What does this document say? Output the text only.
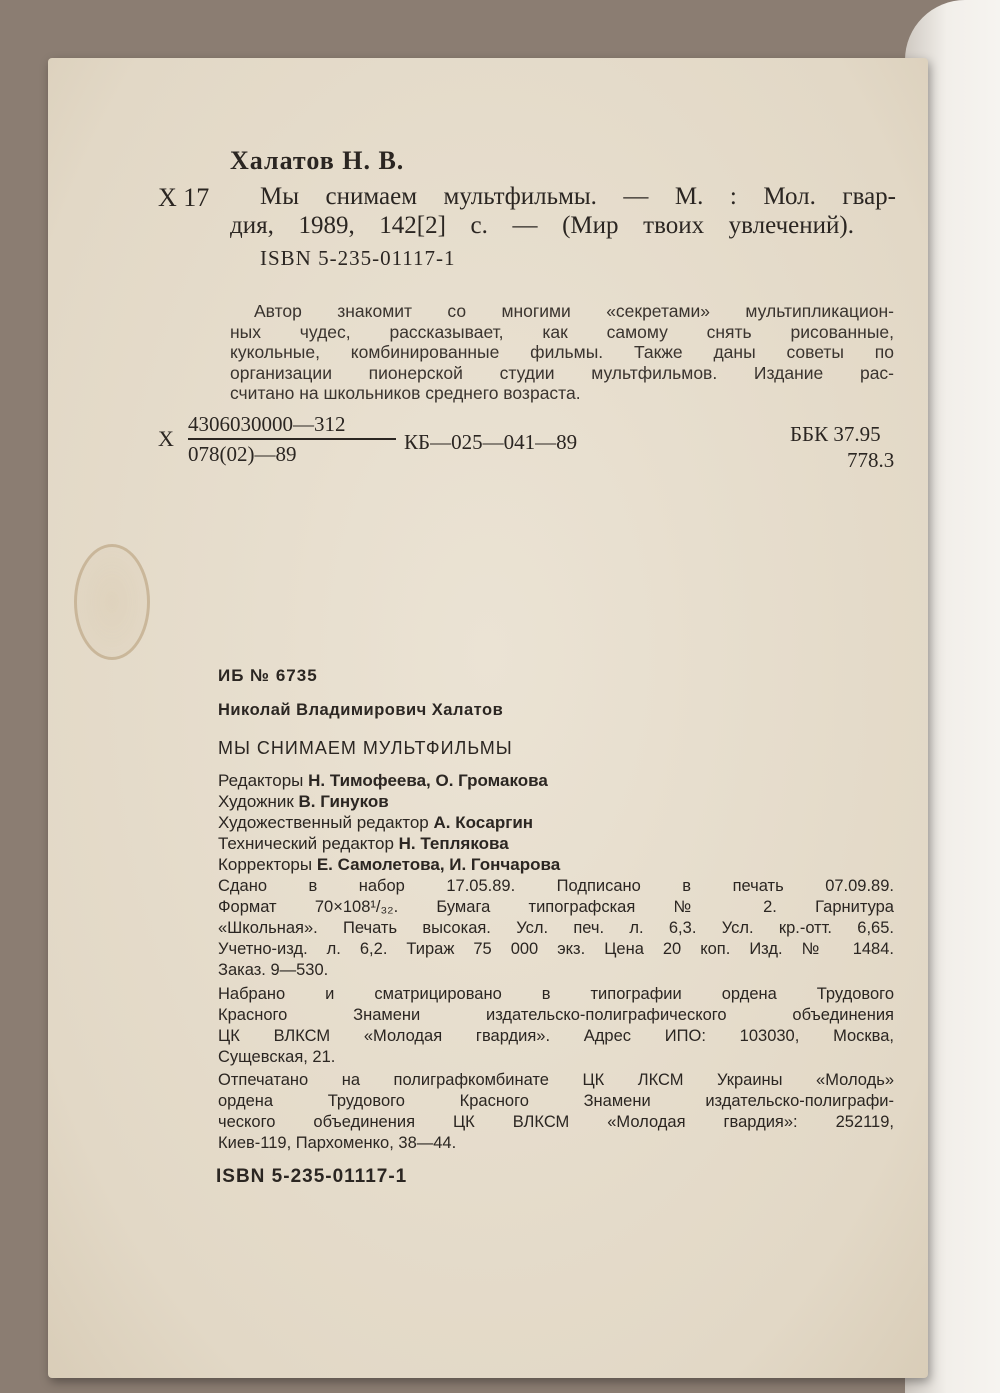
Халатов Н. В.
Х 17 Мы снимаем мультфильмы. — М. : Мол. гвар-
дия, 1989, 142[2] с. — (Мир твоих увлечений).
ISBN 5-235-01117-1

Автор знакомит со многими «секретами» мультипликацион-

ных чудес, рассказывает, как самому снять рисованные,

кукольные, комбинированные фильмы. Также даны советы по

организации пионерской студии мультфильмов. Издание рас-

считано на школьников среднего возраста.

Х
4306030000—312
078(02)—89	КБ—025—041—89	ББК 37.95
778.3
ИБ № 6735
Николай Владимирович Халатов
МЫ СНИМАЕМ МУЛЬТФИЛЬМЫ
Редакторы Н. Тимофеева, О. Громакова
Художник В. Гинуков
Художественный редактор А. Косаргин
Технический редактор Н. Теплякова
Корректоры Е. Самолетова, И. Гончарова

Сдано в набор 17.05.89. Подписано в печать 07.09.89.

Формат 70×108¹/₃₂. Бумага типографская № 2. Гарнитура

«Школьная». Печать высокая. Усл. печ. л. 6,3. Усл. кр.-отт. 6,65.

Учетно-изд. л. 6,2. Тираж 75 000 экз. Цена 20 коп. Изд. № 1484.

Заказ. 9—530.

Набрано и сматрицировано в типографии ордена Трудового

Красного Знамени издательско-полиграфического объединения

ЦК ВЛКСМ «Молодая гвардия». Адрес ИПО: 103030, Москва,

Сущевская, 21.

Отпечатано на полиграфкомбинате ЦК ЛКСМ Украины «Молодь»

ордена Трудового Красного Знамени издательско-полиграфи-

ческого объединения ЦК ВЛКСМ «Молодая гвардия»: 252119,

Киев-119, Пархоменко, 38—44.

ISBN 5-235-01117-1
